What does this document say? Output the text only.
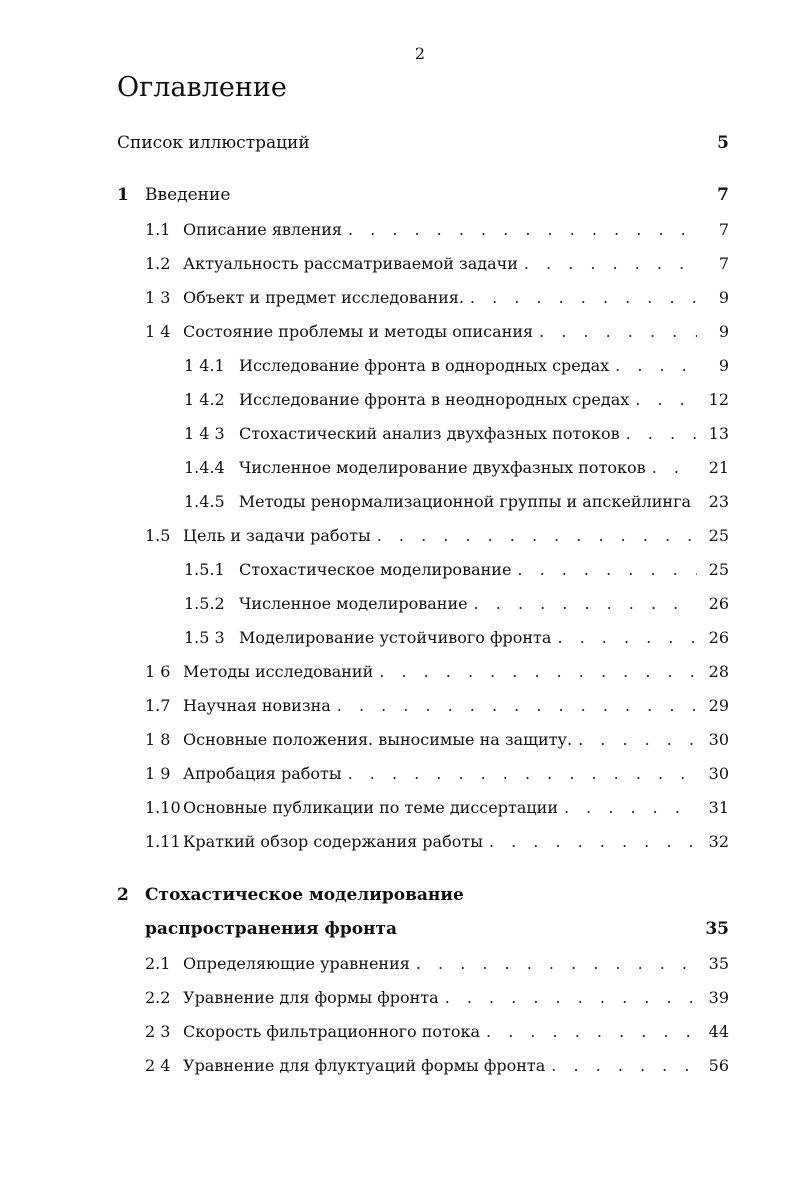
2
Оглавление
Список иллюстраций	5
1 Введение	7
1.1 Описание явления . . .	7
1.2 Актуальность рассматриваемой задачи . . .	7
1 3 Объект и предмет исследования. . . .	9
1 4 Состояние проблемы и методы описания . . .	9
1 4.1 Исследование фронта в однородных средах . . .	9
1 4.2 Исследование фронта в неоднородных средах . . .	12
1 4 3 Стохастический анализ двухфазных потоков . . .	13
1.4.4 Численное моделирование двухфазных потоков . . .	21
1.4.5 Методы ренормализационной группы и апскейлинга	23
1.5 Цель и задачи работы . . .	25
1.5.1 Стохастическое моделирование . . .	25
1.5.2 Численное моделирование . . .	26
1.5 3 Моделирование устойчивого фронта . . .	26
1 6 Методы исследований . . .	28
1.7 Научная новизна . . .	29
1 8 Основные положения. выносимые на защиту. . . .	30
1 9 Апробация работы . . .	30
1.10 Основные публикации по теме диссертации . . .	31
1.11 Краткий обзор содержания работы . . .	32
2 Стохастическое моделирование
распространения фронта	35
2.1 Определяющие уравнения . . .	35
2.2 Уравнение для формы фронта . . .	39
2 3 Скорость фильтрационного потока . . .	44
2 4 Уравнение для флуктуаций формы фронта . . .	56
